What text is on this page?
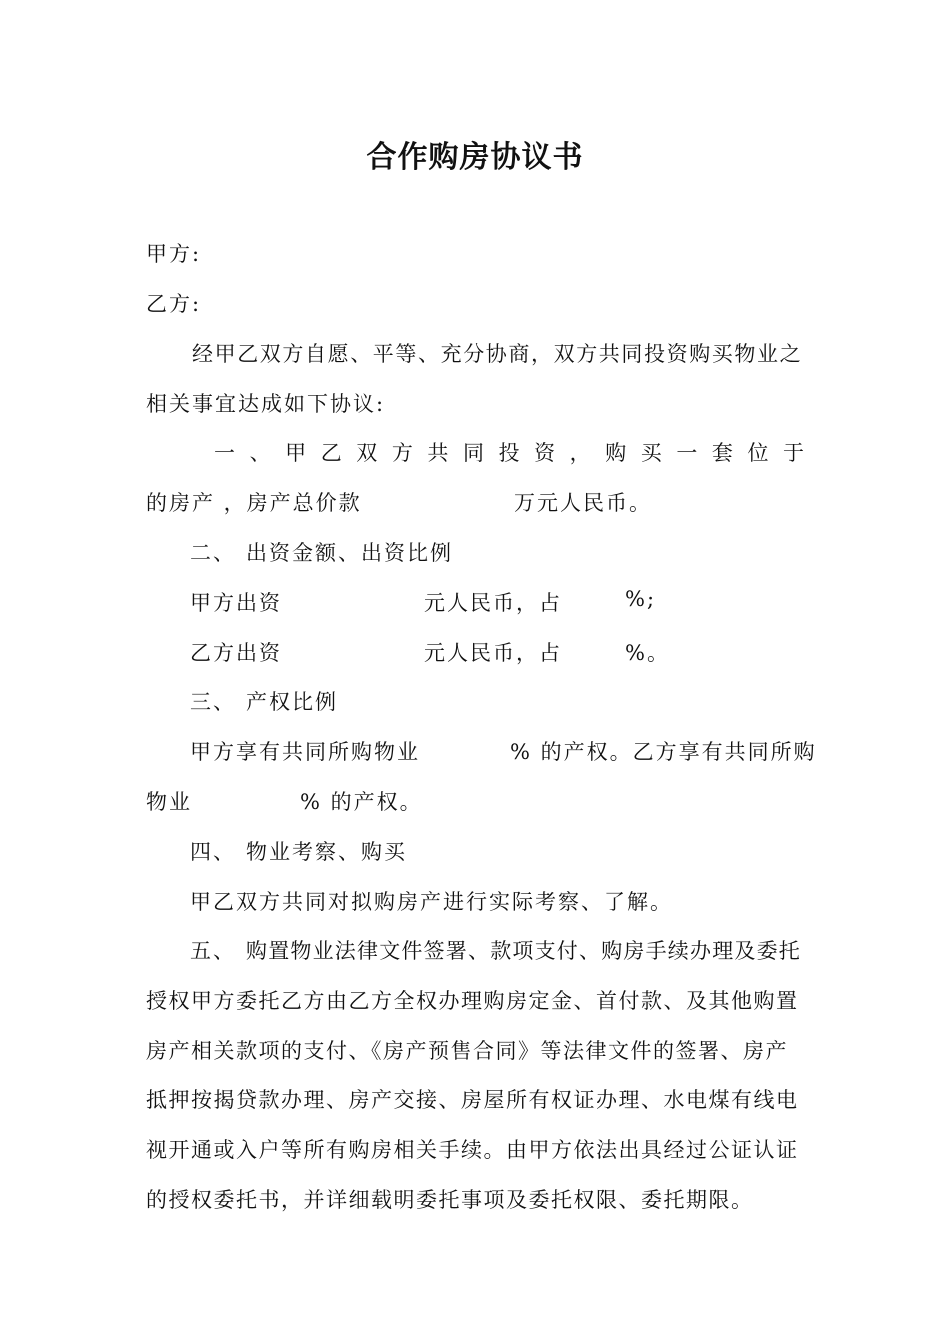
合作购房协议书
甲方:
乙方:
经甲乙双方自愿、平等、充分协商，双方共同投资购买物业之
相关事宜达成如下协议:
一 、 甲 乙 双 方 共 同 投 资 ， 购 买 一 套 位 于
的房产 ，房产总价款	万元人民币。
二、 出资金额、出资比例
甲方出资	元人民币，占	%;
乙方出资	元人民币，占	%。
三、 产权比例
甲方享有共同所购物业	% 的产权。乙方享有共同所购
物业	% 的产权。
四、 物业考察、购买
甲乙双方共同对拟购房产进行实际考察、了解。
五、 购置物业法律文件签署、款项支付、购房手续办理及委托
授权甲方委托乙方由乙方全权办理购房定金、首付款、及其他购置
房产相关款项的支付、《房产预售合同》等法律文件的签署、房产
抵押按揭贷款办理、房产交接、房屋所有权证办理、水电煤有线电
视开通或入户等所有购房相关手续。由甲方依法出具经过公证认证
的授权委托书，并详细载明委托事项及委托权限、委托期限。
